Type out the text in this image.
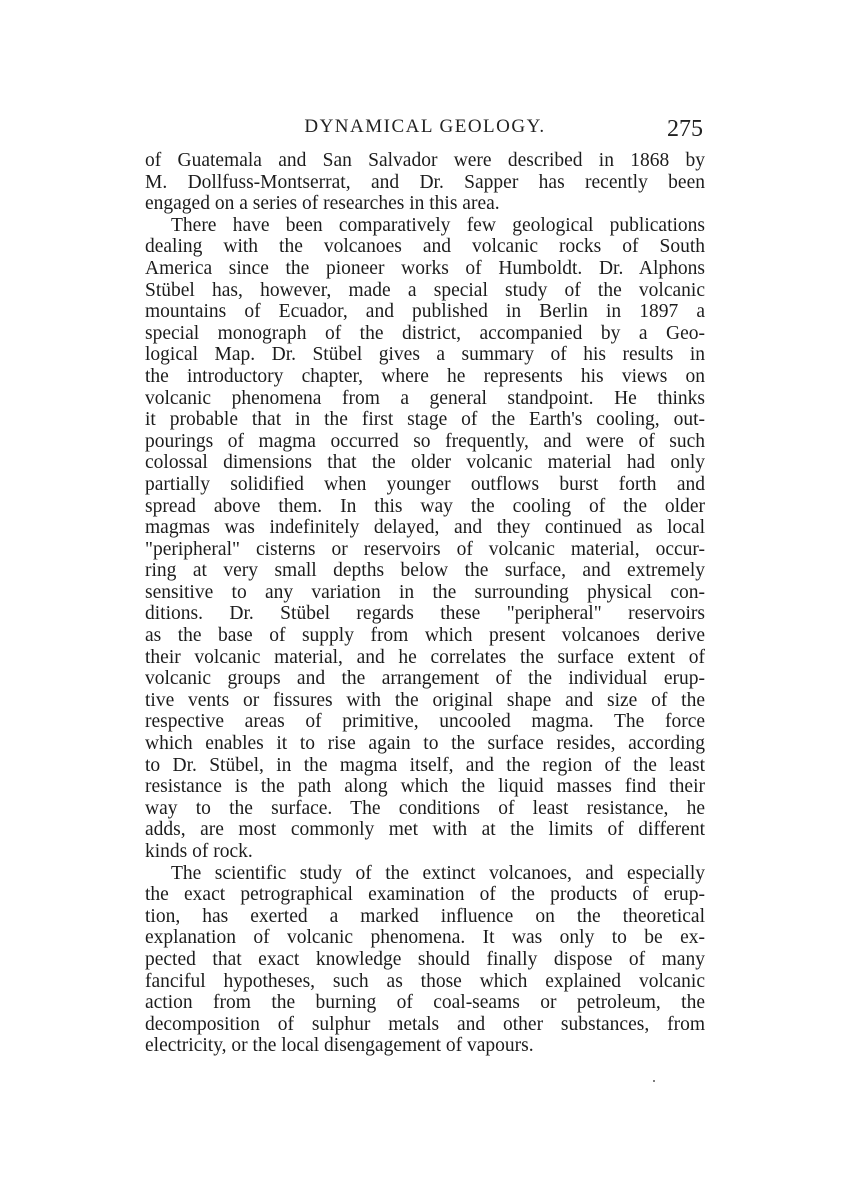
DYNAMICAL GEOLOGY.	275
of Guatemala and San Salvador were described in 1868 by
M. Dollfuss-Montserrat, and Dr. Sapper has recently been
engaged on a series of researches in this area.
There have been comparatively few geological publications
dealing with the volcanoes and volcanic rocks of South
America since the pioneer works of Humboldt. Dr. Alphons
Stübel has, however, made a special study of the volcanic
mountains of Ecuador, and published in Berlin in 1897 a
special monograph of the district, accompanied by a Geo-
logical Map. Dr. Stübel gives a summary of his results in
the introductory chapter, where he represents his views on
volcanic phenomena from a general standpoint. He thinks
it probable that in the first stage of the Earth's cooling, out-
pourings of magma occurred so frequently, and were of such
colossal dimensions that the older volcanic material had only
partially solidified when younger outflows burst forth and
spread above them. In this way the cooling of the older
magmas was indefinitely delayed, and they continued as local
"peripheral" cisterns or reservoirs of volcanic material, occur-
ring at very small depths below the surface, and extremely
sensitive to any variation in the surrounding physical con-
ditions. Dr. Stübel regards these "peripheral" reservoirs
as the base of supply from which present volcanoes derive
their volcanic material, and he correlates the surface extent of
volcanic groups and the arrangement of the individual erup-
tive vents or fissures with the original shape and size of the
respective areas of primitive, uncooled magma. The force
which enables it to rise again to the surface resides, according
to Dr. Stübel, in the magma itself, and the region of the least
resistance is the path along which the liquid masses find their
way to the surface. The conditions of least resistance, he
adds, are most commonly met with at the limits of different
kinds of rock.
The scientific study of the extinct volcanoes, and especially
the exact petrographical examination of the products of erup-
tion, has exerted a marked influence on the theoretical
explanation of volcanic phenomena. It was only to be ex-
pected that exact knowledge should finally dispose of many
fanciful hypotheses, such as those which explained volcanic
action from the burning of coal-seams or petroleum, the
decomposition of sulphur metals and other substances, from
electricity, or the local disengagement of vapours.
